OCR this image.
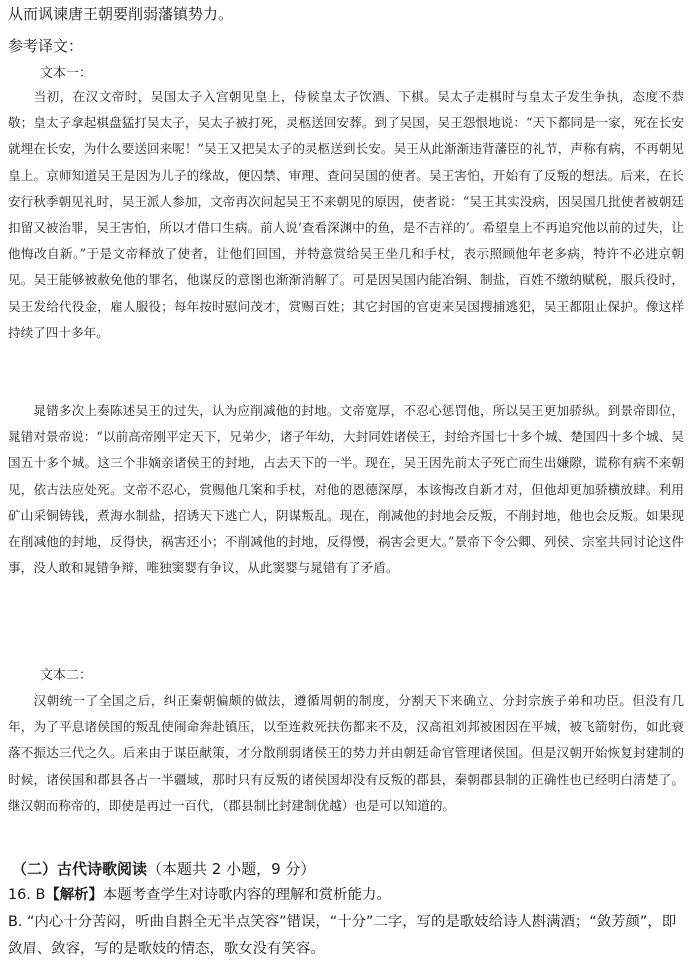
从而讽谏唐王朝要削弱藩镇势力。
参考译文：
文本一：
当初，在汉文帝时，吴国太子入宫朝见皇上，侍候皇太子饮酒、下棋。吴太子走棋时与皇太子发生争执，态度不恭敬；皇太子拿起棋盘猛打吴太子，吴太子被打死，灵柩送回安葬。到了吴国，吴王怨恨地说：“天下都同是一家，死在长安就埋在长安，为什么要送回来呢！”吴王又把吴太子的灵柩送到长安。吴王从此渐渐违背藩臣的礼节，声称有病，不再朝见皇上。京师知道吴王是因为儿子的缘故，便囚禁、审理、查问吴国的使者。吴王害怕，开始有了反叛的想法。后来，在长安行秋季朝见礼时，吴王派人参加，文帝再次问起吴王不来朝见的原因，使者说：“吴王其实没病，因吴国几批使者被朝廷扣留又被治罪，吴王害怕，所以才借口生病。前人说‘查看深渊中的鱼，是不吉祥的’。希望皇上不再追究他以前的过失，让他悔改自新。”于是文帝释放了使者，让他们回国，并特意赏给吴王坐几和手杖，表示照顾他年老多病，特许不必进京朝见。吴王能够被赦免他的罪名，他谋反的意图也渐渐消解了。可是因吴国内能冶铜、制盐，百姓不缴纳赋税，服兵役时，吴王发给代役金，雇人服役；每年按时慰问茂才，赏赐百姓；其它封国的官吏来吴国搜捕逃犯，吴王都阻止保护。像这样持续了四十多年。
晁错多次上奏陈述吴王的过失，认为应削减他的封地。文帝宽厚，不忍心惩罚他，所以吴王更加骄纵。到景帝即位，晁错对景帝说：“以前高帝刚平定天下，兄弟少，诸子年幼，大封同姓诸侯王，封给齐国七十多个城、楚国四十多个城、吴国五十多个城。这三个非嫡亲诸侯王的封地，占去天下的一半。现在，吴王因先前太子死亡而生出嫌隙，谎称有病不来朝见，依古法应处死。文帝不忍心，赏赐他几案和手杖，对他的恩德深厚，本该悔改自新才对，但他却更加骄横放肆。利用矿山采铜铸钱，煮海水制盐，招诱天下逃亡人，阴谋叛乱。现在，削减他的封地会反叛，不削封地，他也会反叛。如果现在削减他的封地，反得快，祸害还小；不削减他的封地，反得慢，祸害会更大。”景帝下令公卿、列侯、宗室共同讨论这件事，没人敢和晁错争辩，唯独窦婴有争议，从此窦婴与晁错有了矛盾。
文本二：
汉朝统一了全国之后，纠正秦朝偏颇的做法，遵循周朝的制度，分割天下来确立、分封宗族子弟和功臣。但没有几年，为了平息诸侯国的叛乱使闹命奔赴镇压，以至连救死扶伤都来不及，汉高祖刘邦被困因在平城，被飞箭射伤，如此衰落不振达三代之久。后来由于谋臣献策，才分散削弱诸侯王的势力并由朝廷命官管理诸侯国。但是汉朝开始恢复封建制的时候，诸侯国和郡县各占一半疆域，那时只有反叛的诸侯国却没有反叛的郡县，秦朝郡县制的正确性也已经明白清楚了。继汉朝而称帝的，即使是再过一百代，（郡县制比封建制优越）也是可以知道的。
（二）古代诗歌阅读（本题共 2 小题，9 分）
16. B【解析】本题考查学生对诗歌内容的理解和赏析能力。
B. “内心十分苦闷，听曲自斟全无半点笑容”错误，“十分”二字，写的是歌妓给诗人斟满酒；“敛芳颜”，即敛眉、敛容，写的是歌妓的情态，歌女没有笑容。
